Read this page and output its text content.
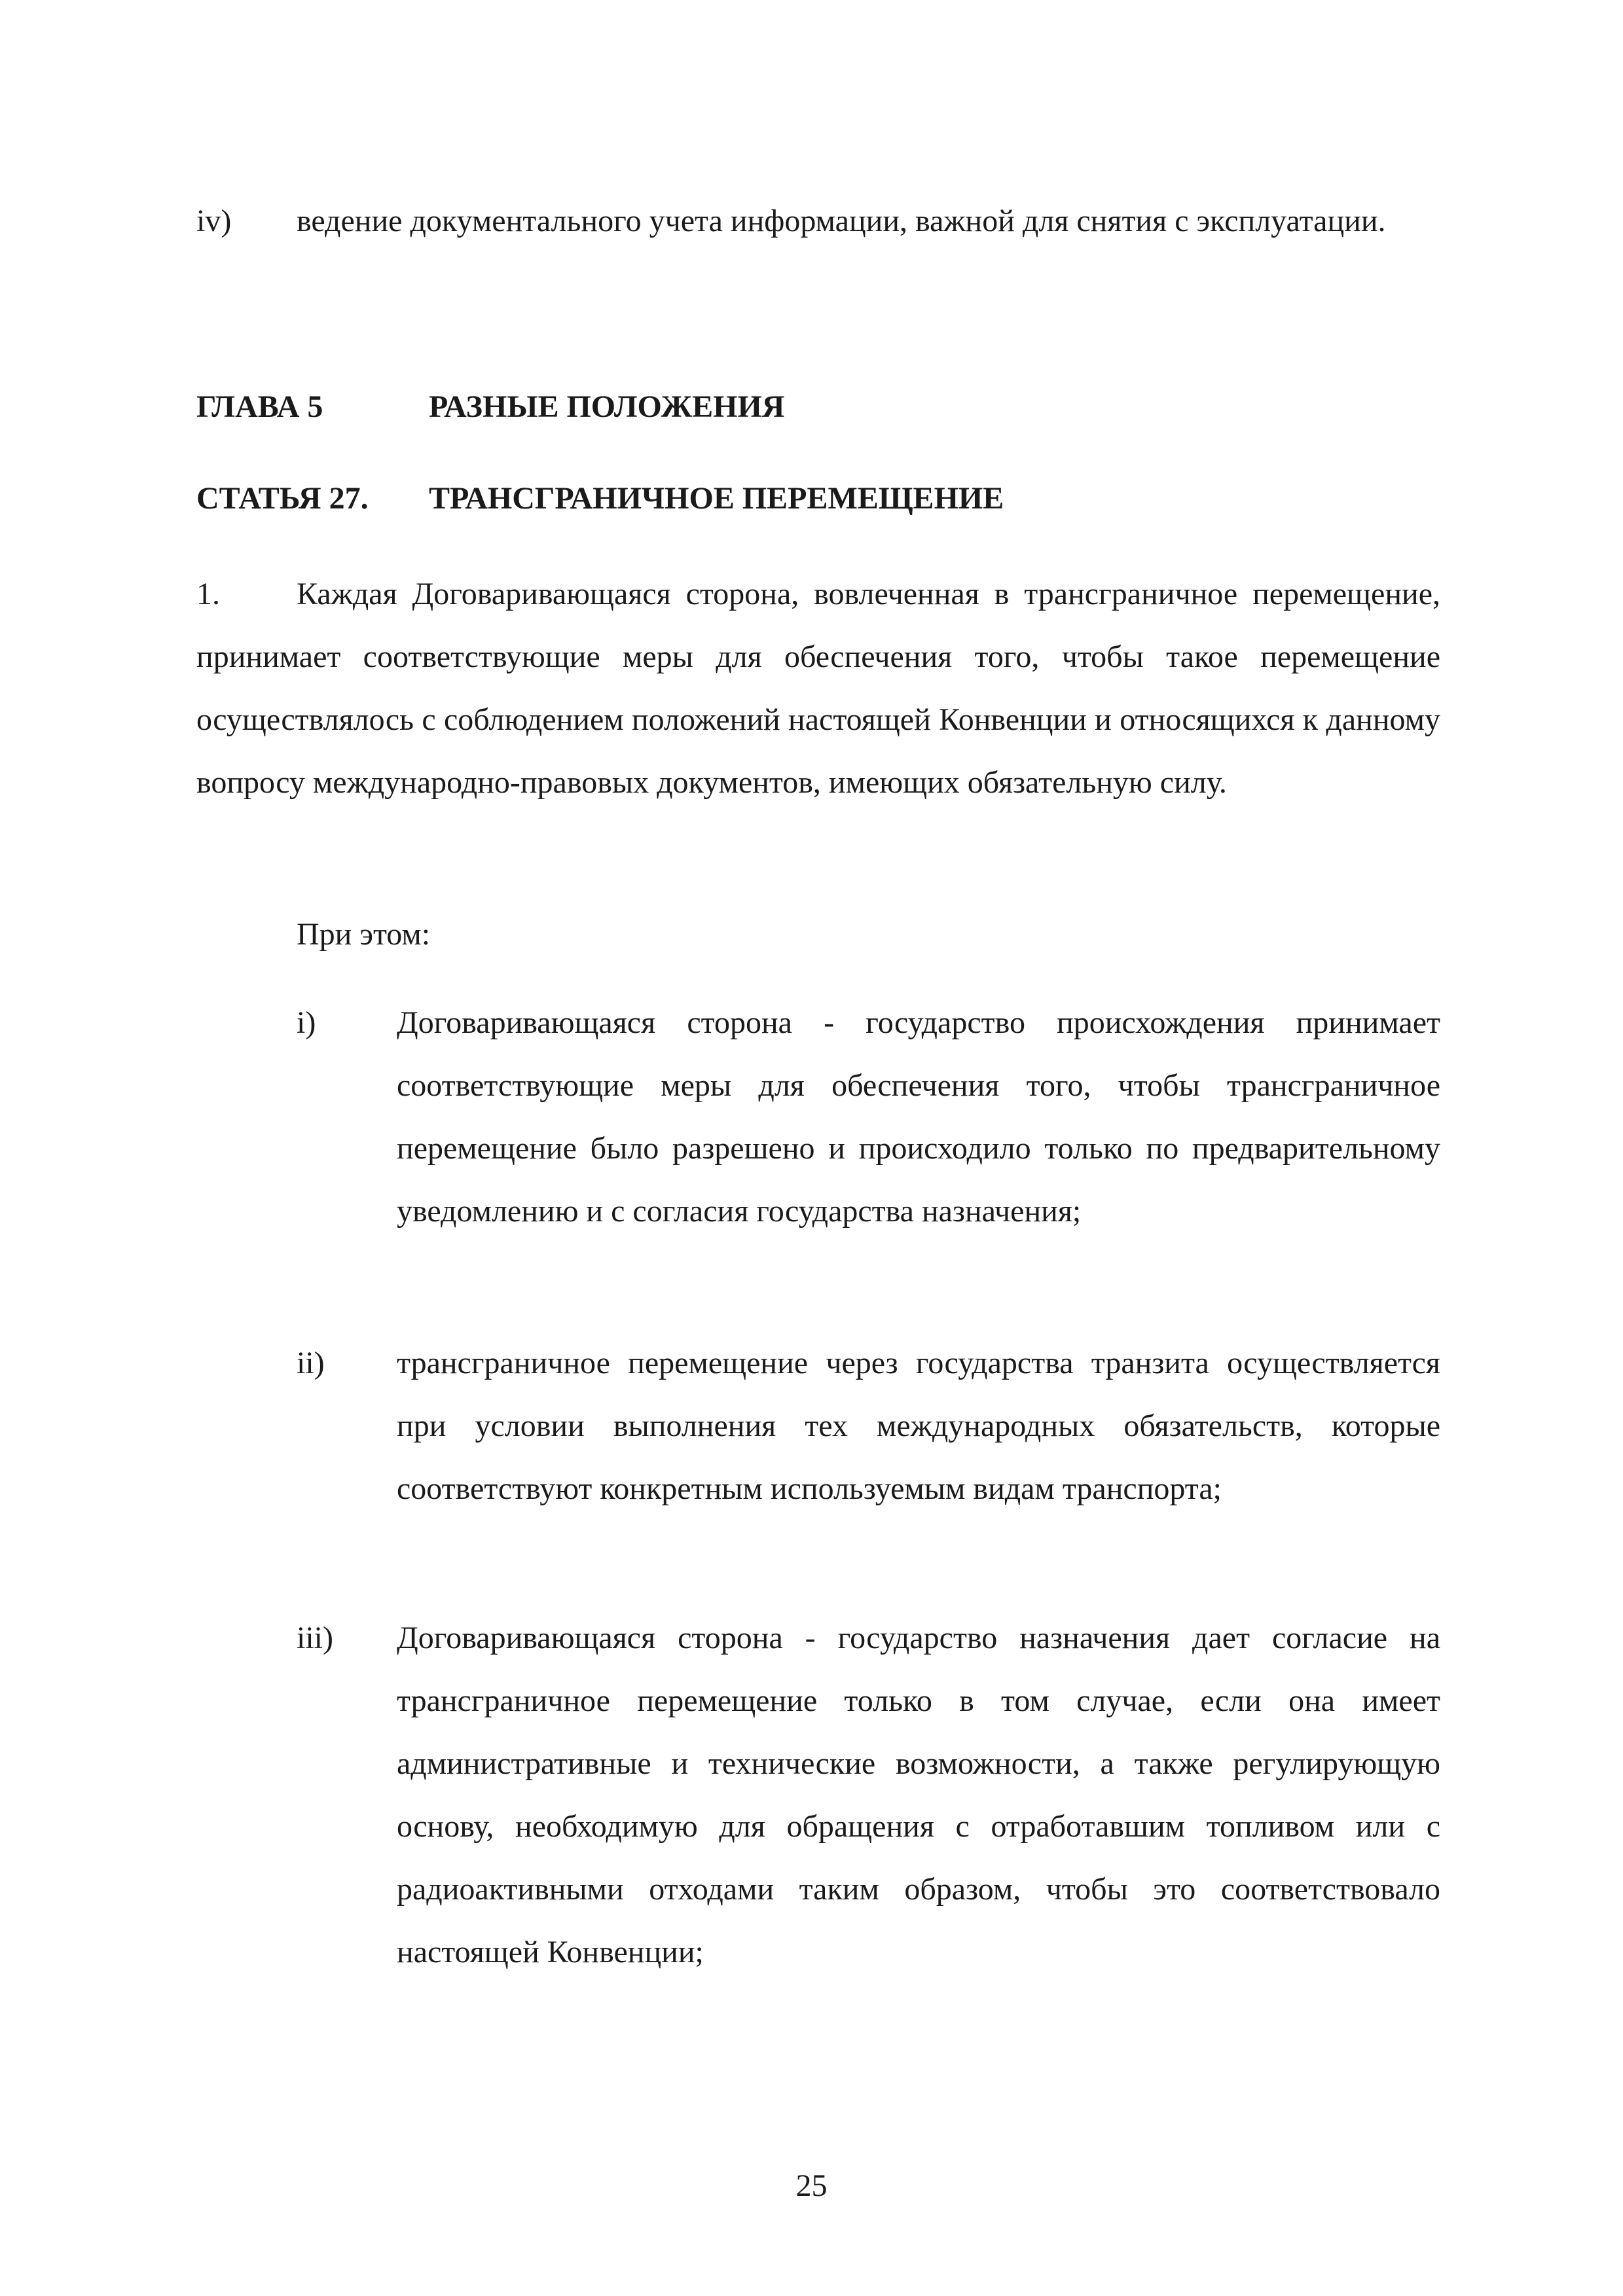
iv)	ведение документального учета информации, важной для снятия с эксплуатации.
ГЛАВА 5	РАЗНЫЕ ПОЛОЖЕНИЯ
СТАТЬЯ 27. ТРАНСГРАНИЧНОЕ ПЕРЕМЕЩЕНИЕ
1. Каждая Договаривающаяся сторона, вовлеченная в трансграничное перемещение, принимает соответствующие меры для обеспечения того, чтобы такое перемещение осуществлялось с соблюдением положений настоящей Конвенции и относящихся к данному вопросу международно-правовых документов, имеющих обязательную силу.
При этом:
i)	Договаривающаяся сторона - государство происхождения принимает соответствующие меры для обеспечения того, чтобы трансграничное перемещение было разрешено и происходило только по предварительному уведомлению и с согласия государства назначения;
ii)	трансграничное перемещение через государства транзита осуществляется при условии выполнения тех международных обязательств, которые соответствуют конкретным используемым видам транспорта;
iii)	Договаривающаяся сторона - государство назначения дает согласие на трансграничное перемещение только в том случае, если она имеет административные и технические возможности, а также регулирующую основу, необходимую для обращения с отработавшим топливом или с радиоактивными отходами таким образом, чтобы это соответствовало настоящей Конвенции;
25
